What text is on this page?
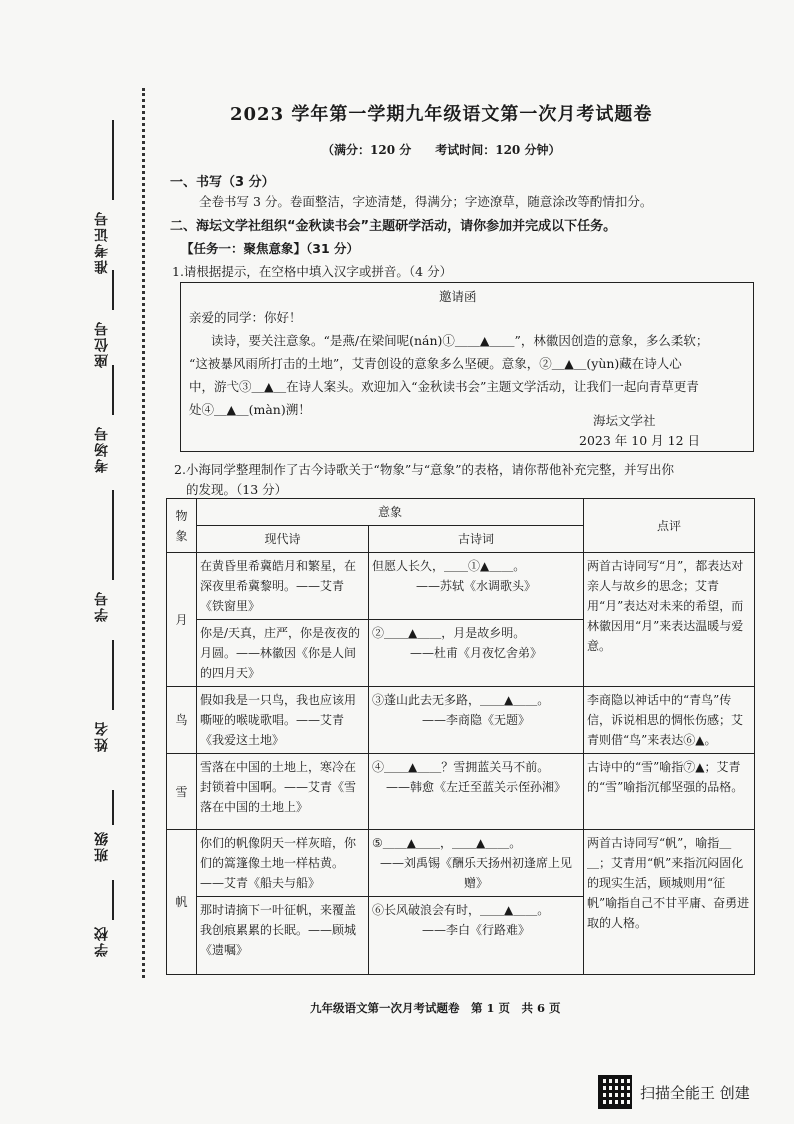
准考证号
座位号
考场号
学号
姓名
班级
学校
2023 学年第一学期九年级语文第一次月考试题卷
（满分：120 分　　考试时间：120 分钟）
一、书写（3 分）
全卷书写 3 分。卷面整洁，字迹清楚，得满分；字迹潦草，随意涂改等酌情扣分。
二、海坛文学社组织“金秋读书会”主题研学活动，请你参加并完成以下任务。
【任务一：聚焦意象】（31 分）
1.请根据提示，在空格中填入汉字或拼音。（4 分）
邀请函
亲爱的同学：你好！
读诗，要关注意象。“是燕/在梁间呢(nán)①＿＿▲＿＿”，林徽因创造的意象，多么柔软；
“这被暴风雨所打击的土地”，艾青创设的意象多么坚硬。意象，②＿▲＿(yùn)藏在诗人心
中，游弋③＿▲＿在诗人案头。欢迎加入“金秋读书会”主题文学活动，让我们一起向青草更青
处④＿▲＿(màn)溯！
海坛文学社
2023 年 10 月 12 日
2.小海同学整理制作了古今诗歌关于“物象”与“意象”的表格，请你帮他补充完整，并写出你
的发现。（13 分）
物象	意象		点评
	现代诗	古诗词	
月	在黄昏里希冀皓月和繁星，在深夜里希冀黎明。——艾青《铁窗里》	但愿人长久，＿＿①▲＿＿。
——苏轼《水调歌头》	两首古诗同写“月”，都表达对亲人与故乡的思念；艾青用“月”表达对未来的希望，而林徽因用“月”来表达温暖与爱意。
	你是/天真，庄严，你是夜夜的月圆。——林徽因《你是人间的四月天》	②＿＿▲＿＿，月是故乡明。
——杜甫《月夜忆舍弟》	

鸟	假如我是一只鸟，我也应该用嘶哑的喉咙歌唱。——艾青《我爱这土地》	③蓬山此去无多路，＿＿▲＿＿。
——李商隐《无题》	李商隐以神话中的“青鸟”传信，诉说相思的惆怅伤感；艾青则借“鸟”来表达⑥▲。
雪	雪落在中国的土地上，寒冷在封锁着中国啊。——艾青《雪落在中国的土地上》	④＿＿▲＿＿？雪拥蓝关马不前。
——韩愈《左迁至蓝关示侄孙湘》	古诗中的“雪”喻指⑦▲；艾青的“雪”喻指沉郁坚强的品格。
帆	你们的帆像阴天一样灰暗，你们的篙篷像土地一样枯黄。——艾青《船夫与船》	⑤＿＿▲＿＿，＿＿▲＿＿。
——刘禹锡《酬乐天扬州初逢席上见赠》	两首古诗同写“帆”，喻指＿＿；艾青用“帆”来指沉闷固化的现实生活，顾城则用“征帆”喻指自己不甘平庸、奋勇进取的人格。
	那时请摘下一叶征帆，来覆盖我创痕累累的长眠。——顾城《遗嘱》	⑥长风破浪会有时，＿＿▲＿＿。
——李白《行路难》	
九年级语文第一次月考试题卷　第 1 页　共 6 页
扫描全能王 创建
